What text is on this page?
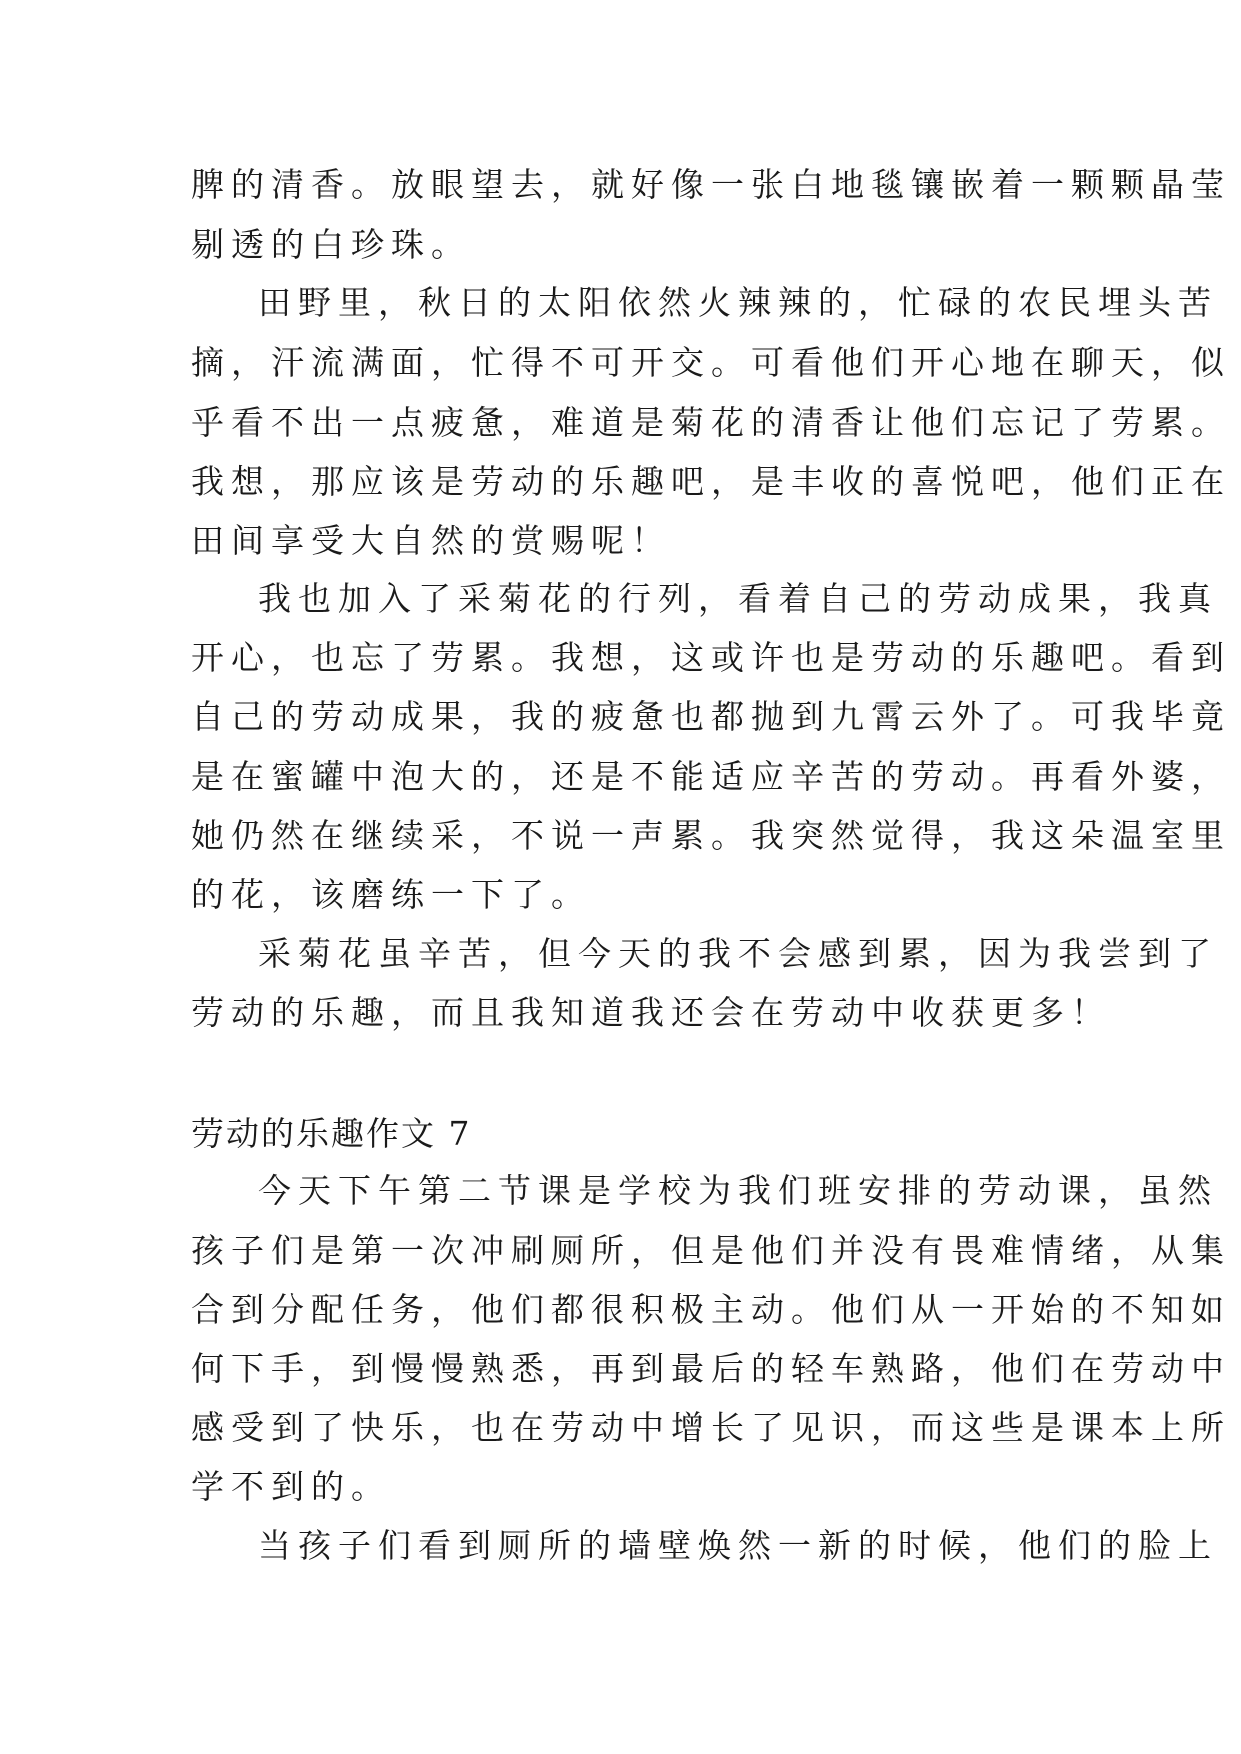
脾的清香。放眼望去，就好像一张白地毯镶嵌着一颗颗晶莹
剔透的白珍珠。
田野里，秋日的太阳依然火辣辣的，忙碌的农民埋头苦
摘，汗流满面，忙得不可开交。可看他们开心地在聊天，似
乎看不出一点疲惫，难道是菊花的清香让他们忘记了劳累。
我想，那应该是劳动的乐趣吧，是丰收的喜悦吧，他们正在
田间享受大自然的赏赐呢！
我也加入了采菊花的行列，看着自己的劳动成果，我真
开心，也忘了劳累。我想，这或许也是劳动的乐趣吧。看到
自己的劳动成果，我的疲惫也都抛到九霄云外了。可我毕竟
是在蜜罐中泡大的，还是不能适应辛苦的劳动。再看外婆，
她仍然在继续采，不说一声累。我突然觉得，我这朵温室里
的花，该磨练一下了。
采菊花虽辛苦，但今天的我不会感到累，因为我尝到了
劳动的乐趣，而且我知道我还会在劳动中收获更多！
劳动的乐趣作文 7
今天下午第二节课是学校为我们班安排的劳动课，虽然
孩子们是第一次冲刷厕所，但是他们并没有畏难情绪，从集
合到分配任务，他们都很积极主动。他们从一开始的不知如
何下手，到慢慢熟悉，再到最后的轻车熟路，他们在劳动中
感受到了快乐，也在劳动中增长了见识，而这些是课本上所
学不到的。
当孩子们看到厕所的墙壁焕然一新的时候，他们的脸上
